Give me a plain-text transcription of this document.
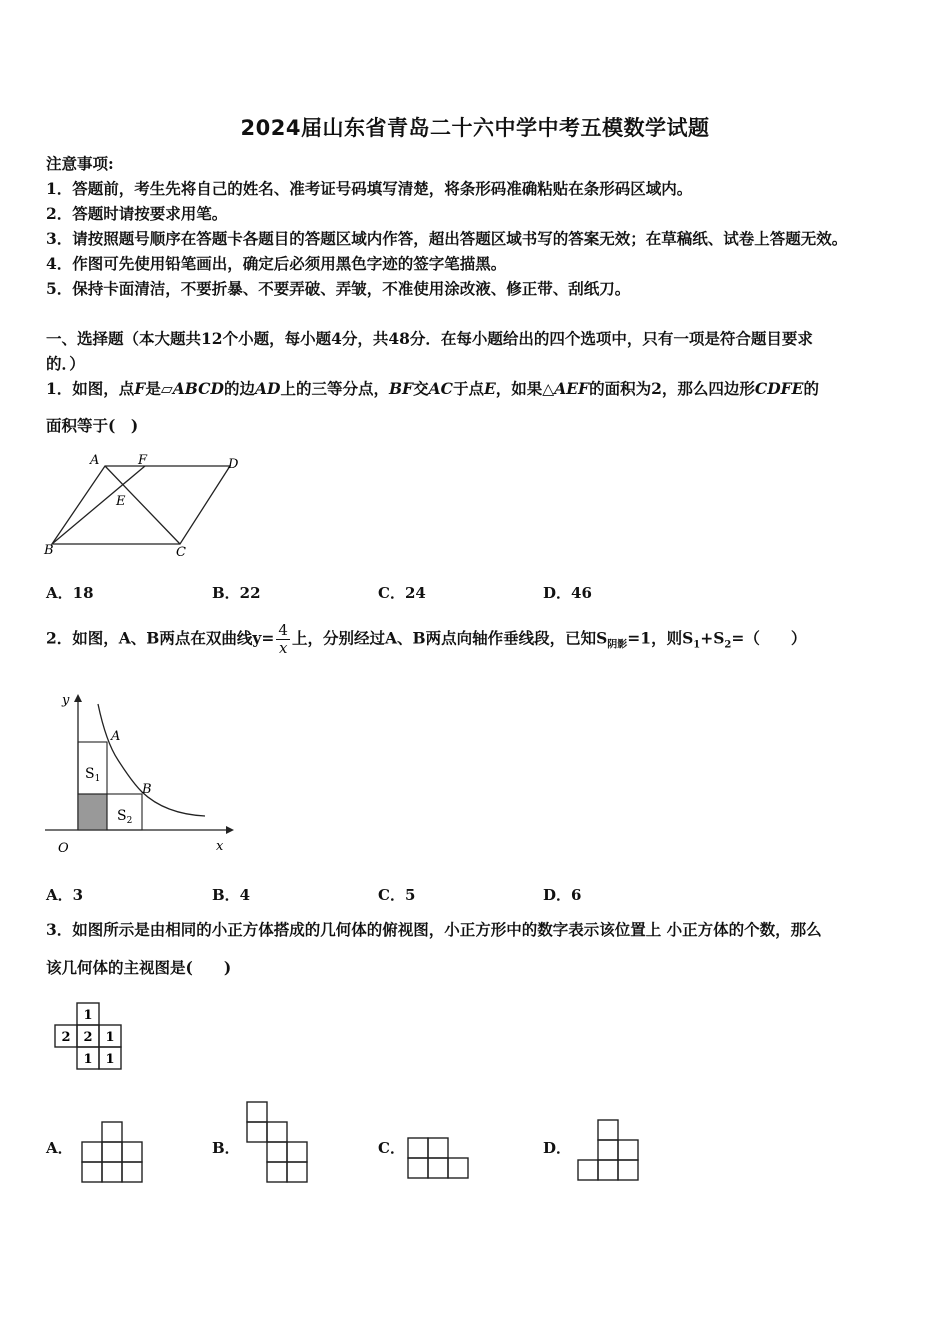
2024届山东省青岛二十六中学中考五模数学试题
注意事项:
1．答题前，考生先将自己的姓名、准考证号码填写清楚，将条形码准确粘贴在条形码区域内。
2．答题时请按要求用笔。
3．请按照题号顺序在答题卡各题目的答题区域内作答，超出答题区域书写的答案无效；在草稿纸、试卷上答题无效。
4．作图可先使用铅笔画出，确定后必须用黑色字迹的签字笔描黑。
5．保持卡面清洁，不要折暴、不要弄破、弄皱，不准使用涂改液、修正带、刮纸刀。
一、选择题（本大题共12个小题，每小题4分，共48分．在每小题给出的四个选项中，只有一项是符合题目要求
的．）
1．如图，点F是▱ABCD的边AD上的三等分点，BF交AC于点E，如果△AEF的面积为2，那么四边形CDFE的
面积等于(　)
A	F	D
E
B	C
A．18	B．22	C．24	D．46
2．如图，A、B两点在双曲线$y= \frac{4}{x}$ 上，分别经过A、B两点向轴作垂线段，已知$S_{阴影}=1$，则$S_1+S_2=$（　　）
y
x
O
A
B
$S_1$
$S_2$
A．3	B．4	C．5	D．6
3．如图所示是由相同的小正方体搭成的几何体的俯视图，小正方形中的数字表示该位置上 小正方体的个数，那么
该几何体的主视图是(　　)
1
2 2 1
1 1
A．	B．	C．	D．
